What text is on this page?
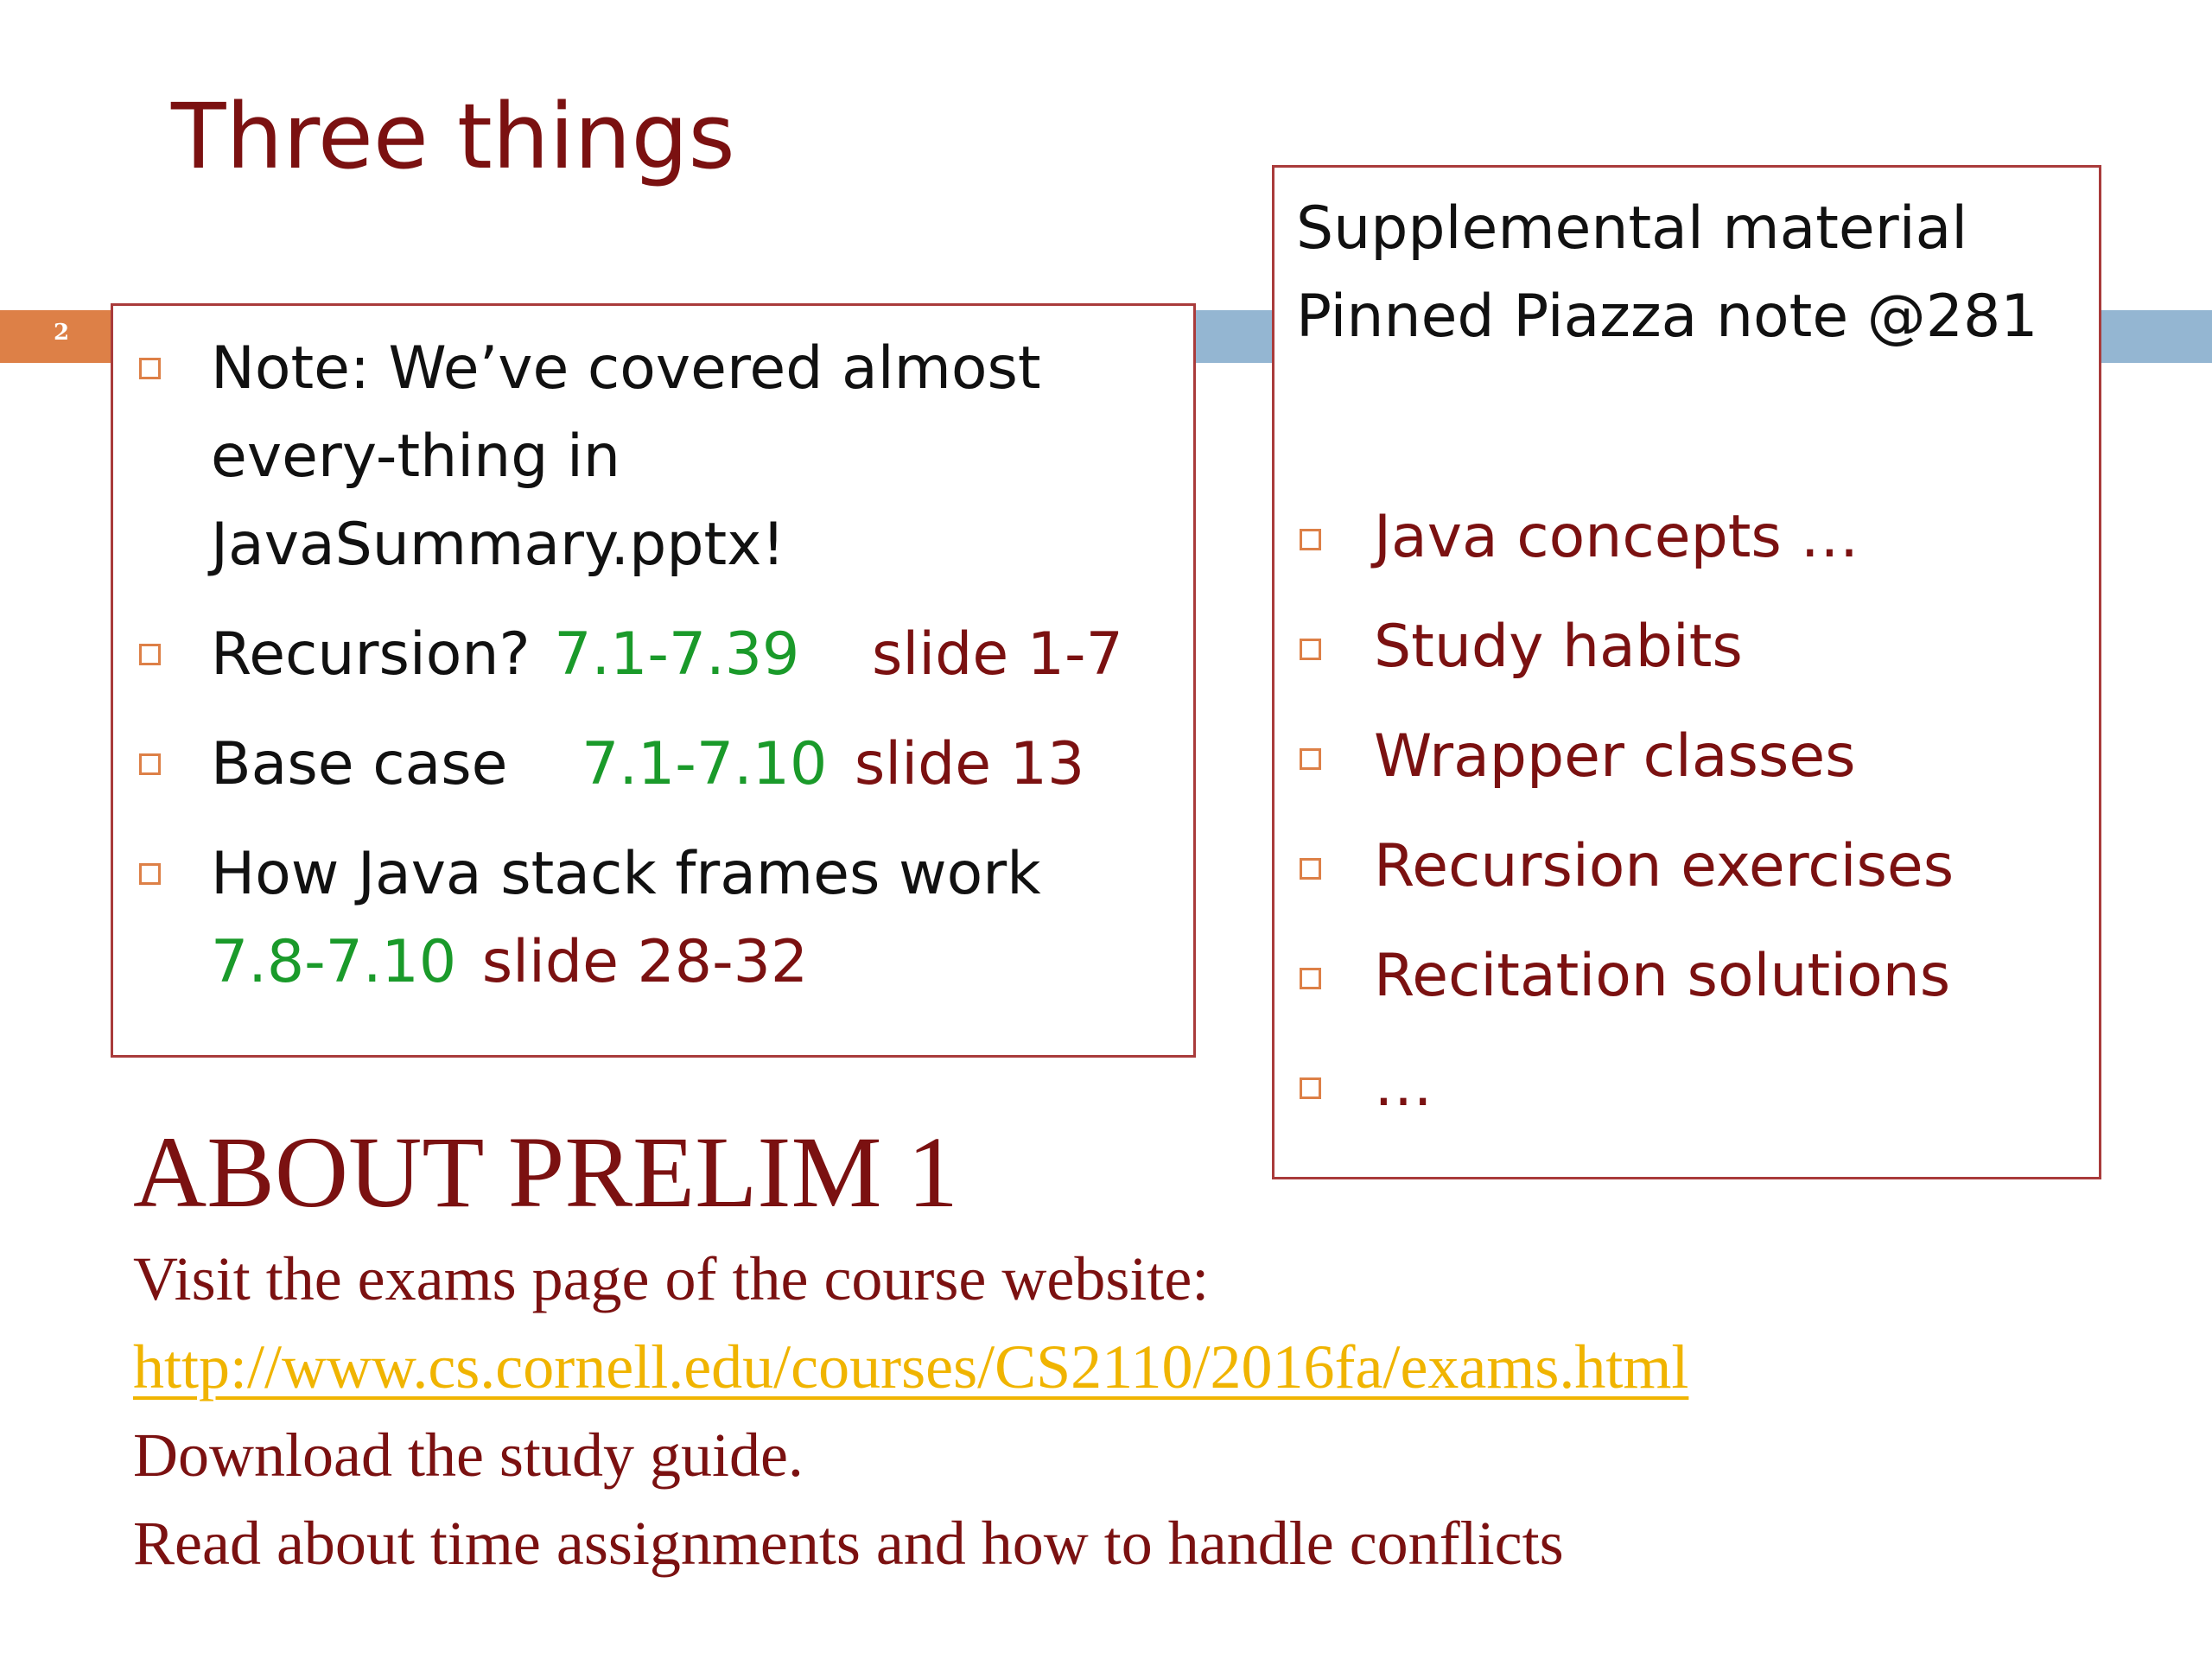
2
Three things
Note: We’ve covered almost
every-thing in
JavaSummary.pptx!
Recursion? 7.1-7.39 slide 1-7
Base case 7.1-7.10 slide 13
How Java stack frames work
7.8-7.10 slide 28-32
Supplemental material
Pinned Piazza note @281
Java concepts …
Study habits
Wrapper classes
Recursion exercises
Recitation solutions
…
ABOUT PRELIM 1
Visit the exams page of the course website:
http://www.cs.cornell.edu/courses/CS2110/2016fa/exams.html
Download the study guide.
Read about time assignments and how to handle conflicts
